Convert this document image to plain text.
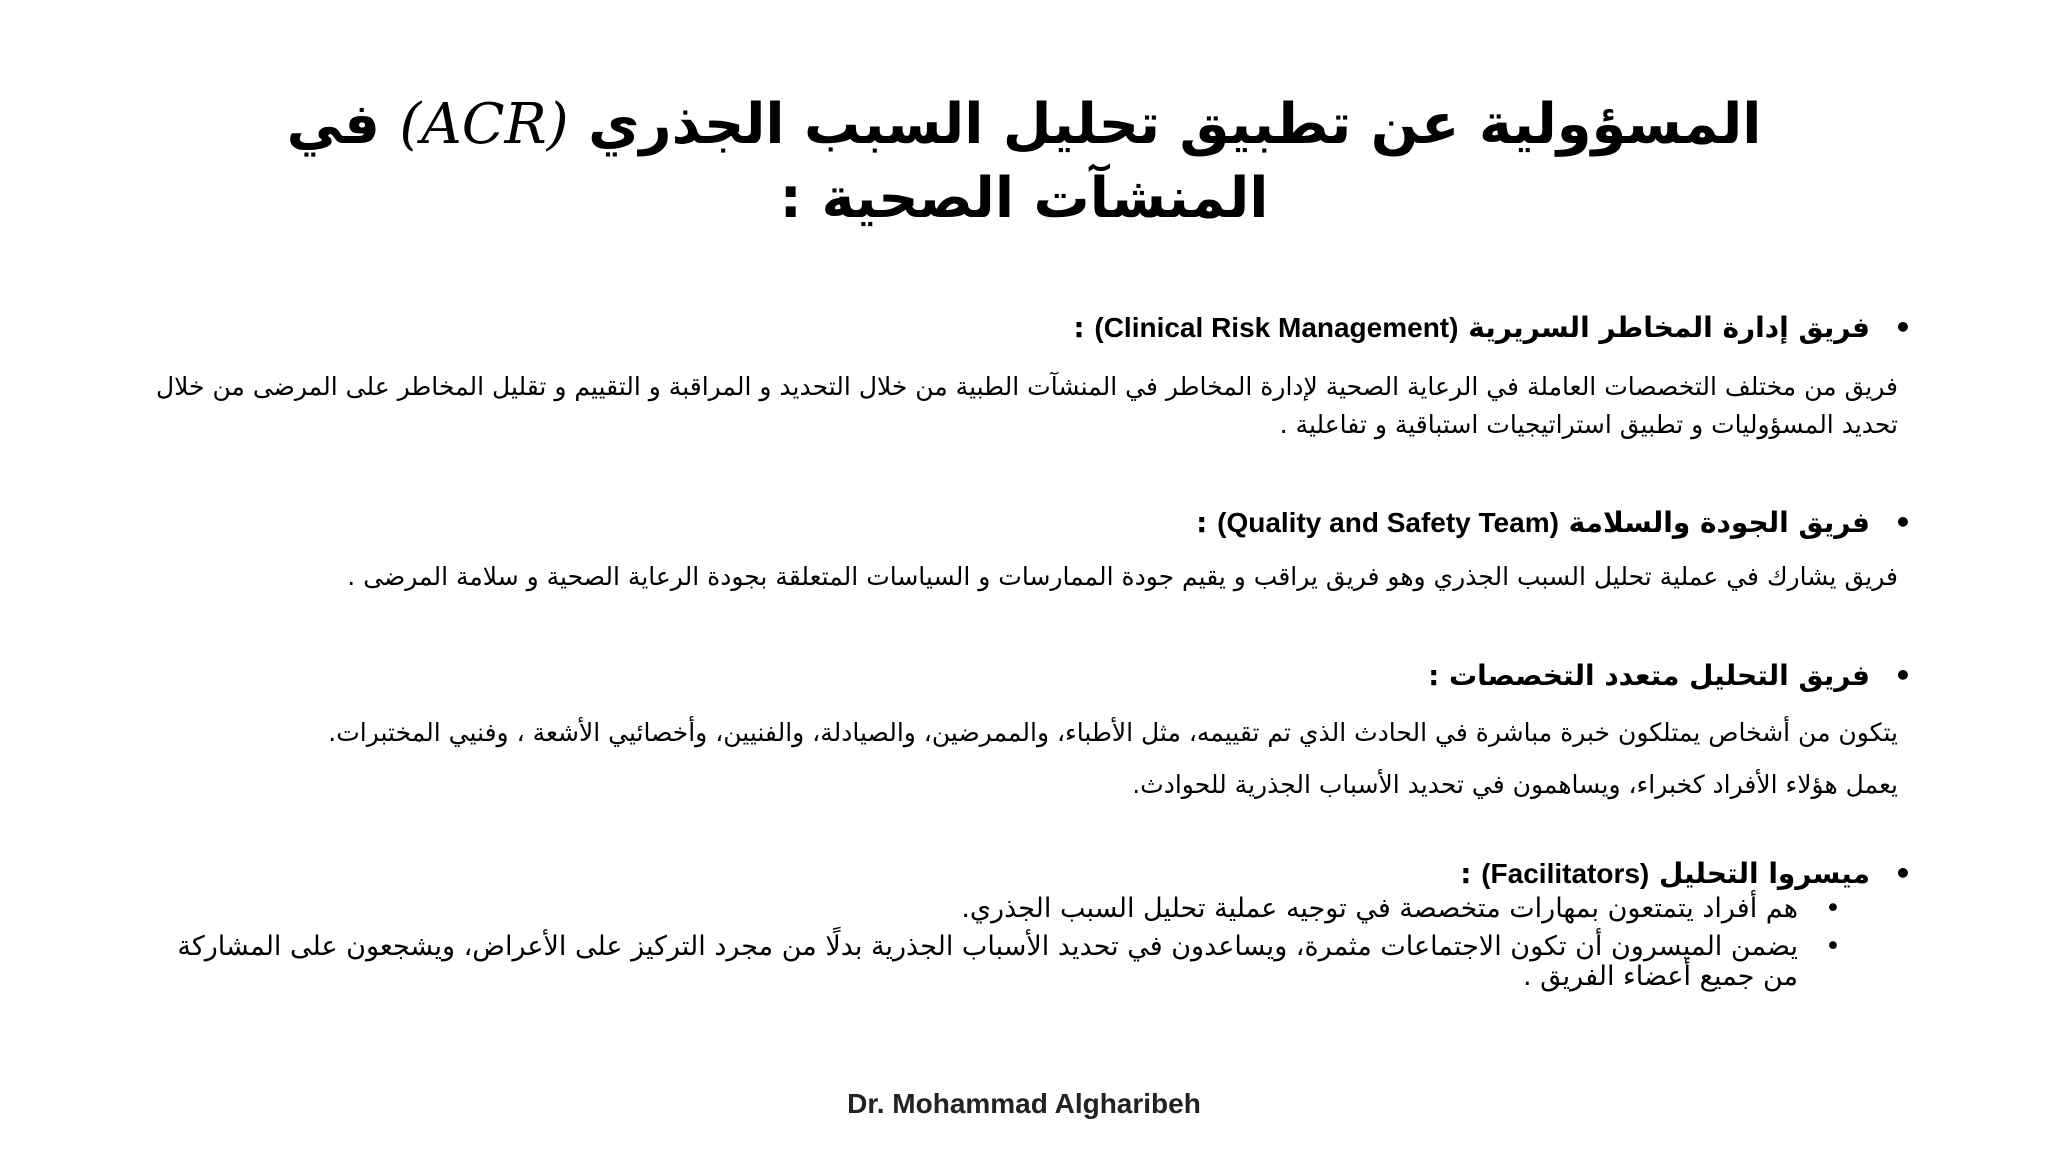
المسؤولية عن تطبيق تحليل السبب الجذري (ACR) في المنشآت الصحية :
•فريق إدارة المخاطر السريرية (Clinical Risk Management) :
فريق من مختلف التخصصات العاملة في الرعاية الصحية لإدارة المخاطر في المنشآت الطبية من خلال التحديد و المراقبة و التقييم و تقليل المخاطر على المرضى من خلال تحديد المسؤوليات و تطبيق استراتيجيات استباقية و تفاعلية .
•فريق الجودة والسلامة (Quality and Safety Team) :
فريق يشارك في عملية تحليل السبب الجذري وهو فريق يراقب و يقيم جودة الممارسات و السياسات المتعلقة بجودة الرعاية الصحية و سلامة المرضى .
•فريق التحليل متعدد التخصصات :
يتكون من أشخاص يمتلكون خبرة مباشرة في الحادث الذي تم تقييمه، مثل الأطباء، والممرضين، والصيادلة، والفنيين، وأخصائيي الأشعة ، وفنيي المختبرات.
يعمل هؤلاء الأفراد كخبراء، ويساهمون في تحديد الأسباب الجذرية للحوادث.
•ميسروا التحليل (Facilitators) :
•
هم أفراد يتمتعون بمهارات متخصصة في توجيه عملية تحليل السبب الجذري.
•
يضمن الميسرون أن تكون الاجتماعات مثمرة، ويساعدون في تحديد الأسباب الجذرية بدلًا من مجرد التركيز على الأعراض، ويشجعون على المشاركة من جميع أعضاء الفريق .
Dr. Mohammad Algharibeh
